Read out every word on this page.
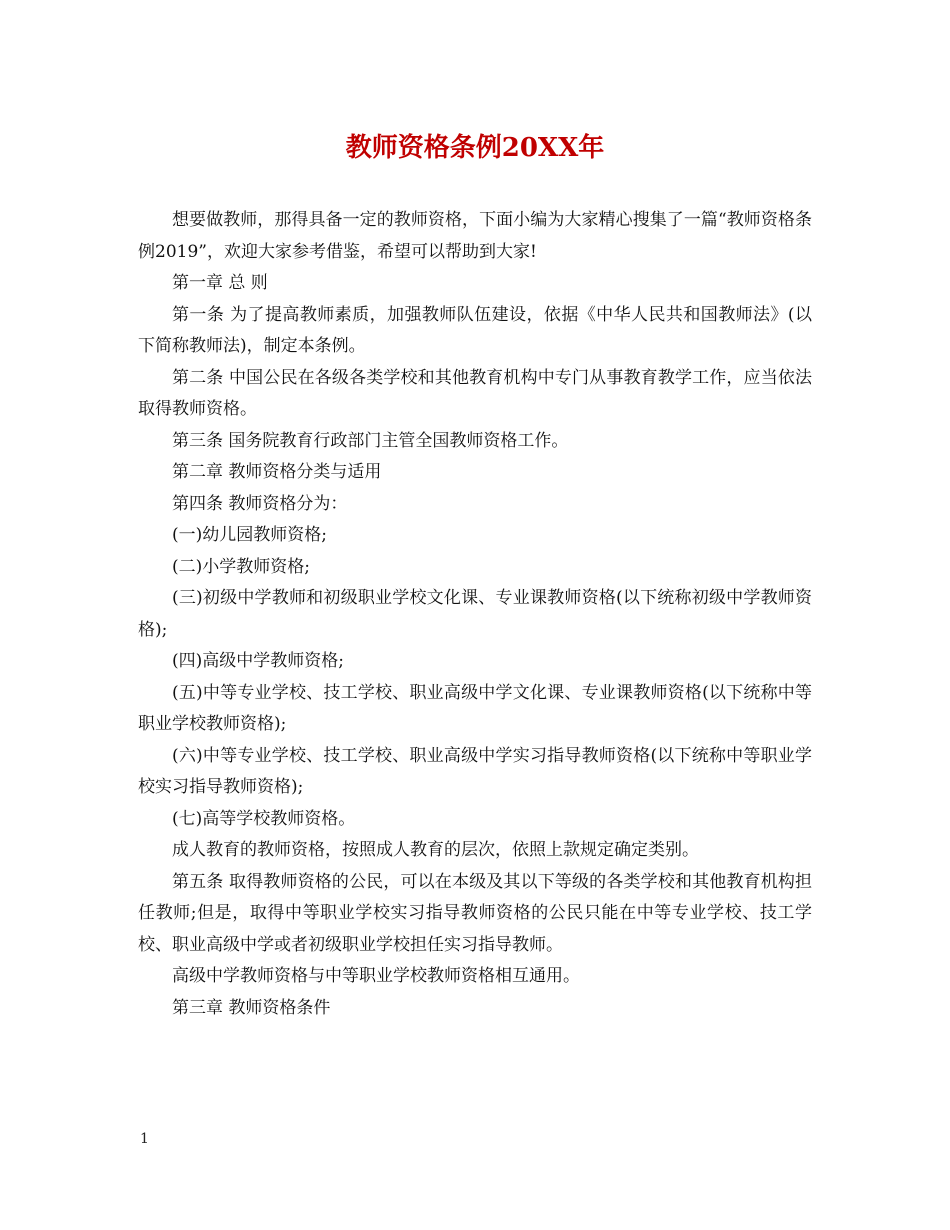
教师资格条例20XX年

想要做教师，那得具备一定的教师资格，下面小编为大家精心搜集了一篇“教师资格条例2019”，欢迎大家参考借鉴，希望可以帮助到大家!

第一章 总 则

第一条 为了提高教师素质，加强教师队伍建设，依据《中华人民共和国教师法》(以下简称教师法)，制定本条例。

第二条 中国公民在各级各类学校和其他教育机构中专门从事教育教学工作，应当依法取得教师资格。

第三条 国务院教育行政部门主管全国教师资格工作。

第二章 教师资格分类与适用

第四条 教师资格分为：

(一)幼儿园教师资格;

(二)小学教师资格;

(三)初级中学教师和初级职业学校文化课、专业课教师资格(以下统称初级中学教师资格);

(四)高级中学教师资格;

(五)中等专业学校、技工学校、职业高级中学文化课、专业课教师资格(以下统称中等职业学校教师资格);

(六)中等专业学校、技工学校、职业高级中学实习指导教师资格(以下统称中等职业学校实习指导教师资格);

(七)高等学校教师资格。

成人教育的教师资格，按照成人教育的层次，依照上款规定确定类别。

第五条 取得教师资格的公民，可以在本级及其以下等级的各类学校和其他教育机构担任教师;但是，取得中等职业学校实习指导教师资格的公民只能在中等专业学校、技工学校、职业高级中学或者初级职业学校担任实习指导教师。

高级中学教师资格与中等职业学校教师资格相互通用。

第三章 教师资格条件

1
